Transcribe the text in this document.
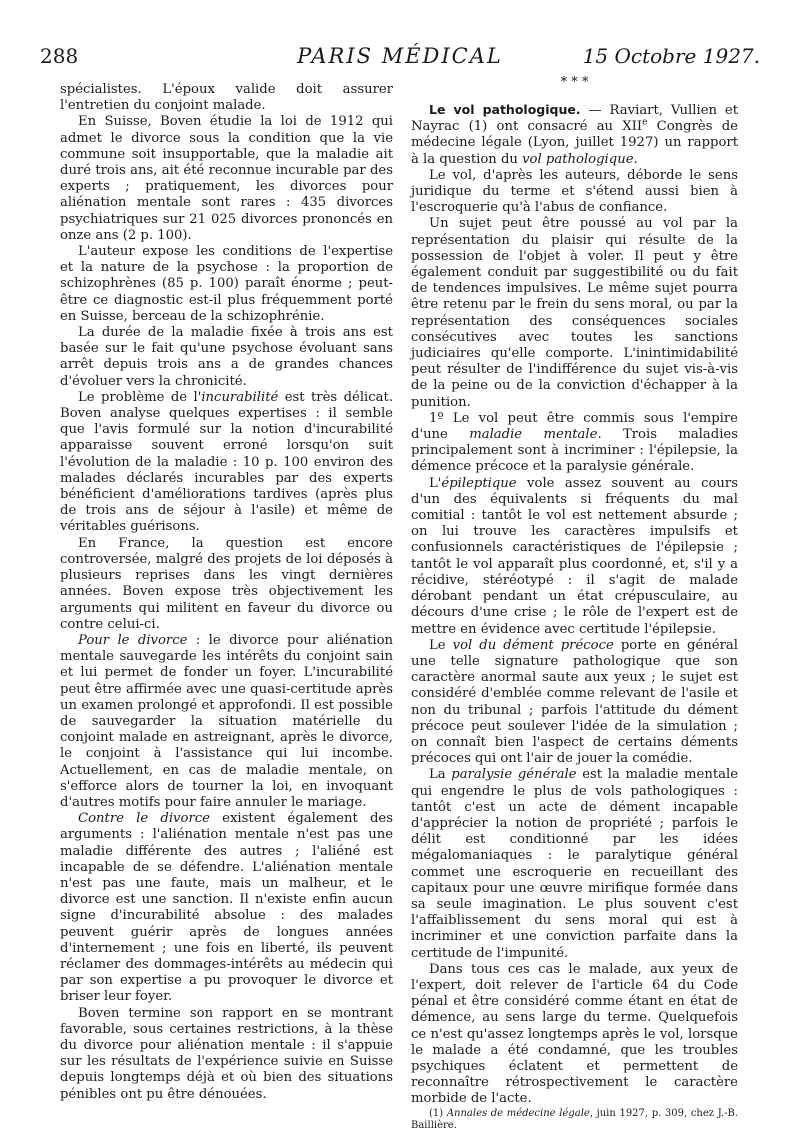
288	PARIS MÉDICAL	15 Octobre 1927.

spécialistes. L'époux valide doit assurer l'entretien du conjoint malade.

En Suisse, Boven étudie la loi de 1912 qui admet le divorce sous la condition que la vie commune soit insupportable, que la maladie ait duré trois ans, ait été reconnue incurable par des experts ; pratiquement, les divorces pour aliénation mentale sont rares : 435 divorces psychiatriques sur 21 025 divorces prononcés en onze ans (2 p. 100).

L'auteur expose les conditions de l'expertise et la nature de la psychose : la proportion de schizophrènes (85 p. 100) paraît énorme ; peut-être ce diagnostic est-il plus fréquemment porté en Suisse, berceau de la schizophrénie.

La durée de la maladie fixée à trois ans est basée sur le fait qu'une psychose évoluant sans arrêt depuis trois ans a de grandes chances d'évoluer vers la chronicité.

Le problème de l'incurabilité est très délicat. Boven analyse quelques expertises : il semble que l'avis formulé sur la notion d'incurabilité apparaisse souvent erroné lorsqu'on suit l'évolution de la maladie : 10 p. 100 environ des malades déclarés incurables par des experts bénéficient d'améliorations tardives (après plus de trois ans de séjour à l'asile) et même de véritables guérisons.

En France, la question est encore controversée, malgré des projets de loi déposés à plusieurs reprises dans les vingt dernières années. Boven expose très objectivement les arguments qui militent en faveur du divorce ou contre celui-ci.

Pour le divorce : le divorce pour aliénation mentale sauvegarde les intérêts du conjoint sain et lui permet de fonder un foyer. L'incurabilité peut être affirmée avec une quasi-certitude après un examen prolongé et approfondi. Il est possible de sauvegarder la situation matérielle du conjoint malade en astreignant, après le divorce, le conjoint à l'assistance qui lui incombe. Actuellement, en cas de maladie mentale, on s'efforce alors de tourner la loi, en invoquant d'autres motifs pour faire annuler le mariage.

Contre le divorce existent également des arguments : l'aliénation mentale n'est pas une maladie différente des autres ; l'aliéné est incapable de se défendre. L'aliénation mentale n'est pas une faute, mais un malheur, et le divorce est une sanction. Il n'existe enfin aucun signe d'incurabilité absolue : des malades peuvent guérir après de longues années d'internement ; une fois en liberté, ils peuvent réclamer des dommages-intérêts au médecin qui par son expertise a pu provoquer le divorce et briser leur foyer.

Boven termine son rapport en se montrant favorable, sous certaines restrictions, à la thèse du divorce pour aliénation mentale : il s'appuie sur les résultats de l'expérience suivie en Suisse depuis longtemps déjà et où bien des situations pénibles ont pu être dénouées.

* * *

Le vol pathologique. — Raviart, Vullien et Nayrac (1) ont consacré au XIIe Congrès de médecine légale (Lyon, juillet 1927) un rapport à la question du vol pathologique.

Le vol, d'après les auteurs, déborde le sens juridique du terme et s'étend aussi bien à l'escroquerie qu'à l'abus de confiance.

Un sujet peut être poussé au vol par la représentation du plaisir qui résulte de la possession de l'objet à voler. Il peut y être également conduit par suggestibilité ou du fait de tendences impulsives. Le même sujet pourra être retenu par le frein du sens moral, ou par la représentation des conséquences sociales consécutives avec toutes les sanctions judiciaires qu'elle comporte. L'inintimidabilité peut résulter de l'indifférence du sujet vis-à-vis de la peine ou de la conviction d'échapper à la punition.

1º Le vol peut être commis sous l'empire d'une maladie mentale. Trois maladies principalement sont à incriminer : l'épilepsie, la démence précoce et la paralysie générale.

L'épileptique vole assez souvent au cours d'un des équivalents si fréquents du mal comitial : tantôt le vol est nettement absurde ; on lui trouve les caractères impulsifs et confusionnels caractéristiques de l'épilepsie ; tantôt le vol apparaît plus coordonné, et, s'il y a récidive, stéréotypé : il s'agit de malade dérobant pendant un état crépusculaire, au décours d'une crise ; le rôle de l'expert est de mettre en évidence avec certitude l'épilepsie.

Le vol du dément précoce porte en général une telle signature pathologique que son caractère anormal saute aux yeux ; le sujet est considéré d'emblée comme relevant de l'asile et non du tribunal ; parfois l'attitude du dément précoce peut soulever l'idée de la simulation ; on connaît bien l'aspect de certains déments précoces qui ont l'air de jouer la comédie.

La paralysie générale est la maladie mentale qui engendre le plus de vols pathologiques : tantôt c'est un acte de dément incapable d'apprécier la notion de propriété ; parfois le délit est conditionné par les idées mégalomaniaques : le paralytique général commet une escroquerie en recueillant des capitaux pour une œuvre mirifique formée dans sa seule imagination. Le plus souvent c'est l'affaiblissement du sens moral qui est à incriminer et une conviction parfaite dans la certitude de l'impunité.

Dans tous ces cas le malade, aux yeux de l'expert, doit relever de l'article 64 du Code pénal et être considéré comme étant en état de démence, au sens large du terme. Quelquefois ce n'est qu'assez longtemps après le vol, lorsque le malade a été condamné, que les troubles psychiques éclatent et permettent de reconnaître rétrospectivement le caractère morbide de l'acte.

(1) Annales de médecine légale, juin 1927, p. 309, chez J.-B. Baillière.
